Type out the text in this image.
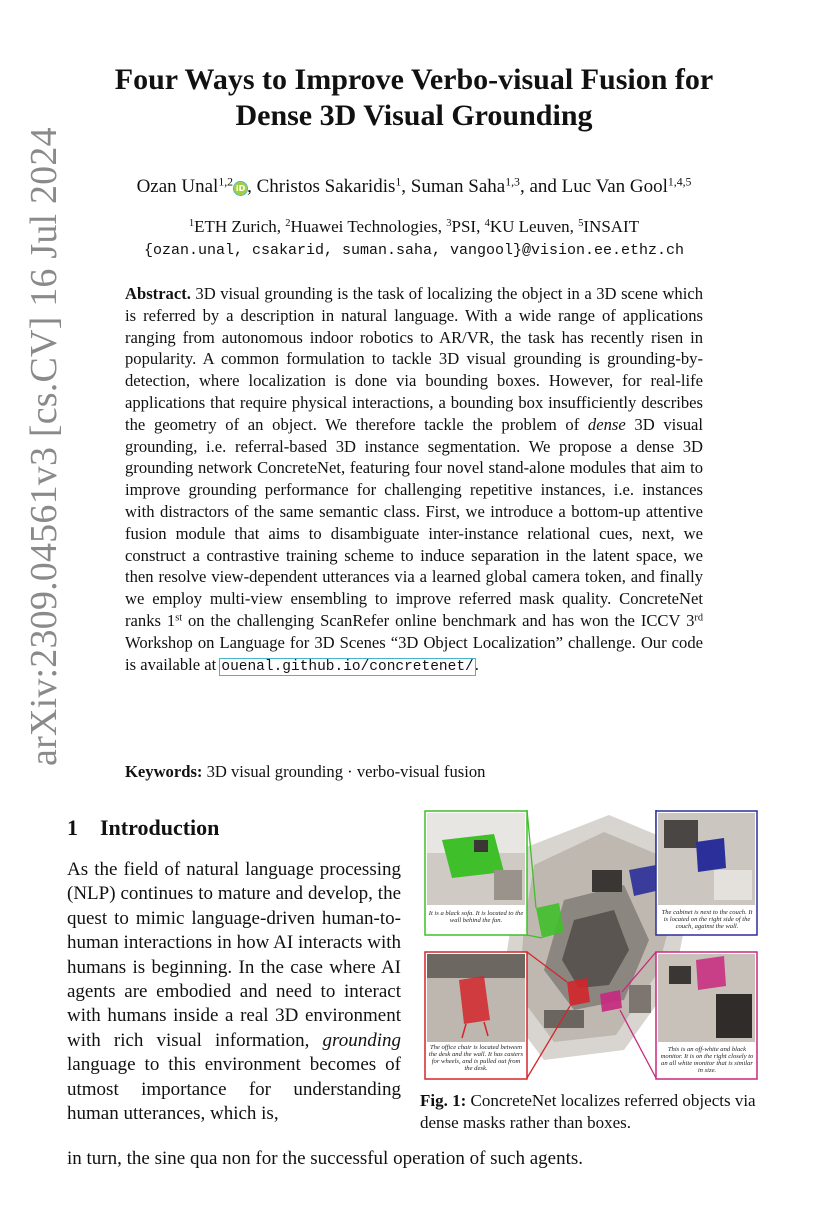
arXiv:2309.04561v3 [cs.CV] 16 Jul 2024
Four Ways to Improve Verbo-visual Fusion for
Dense 3D Visual Grounding
Ozan Unal$^{1,2}$ iD, Christos Sakaridis$^1$, Suman Saha$^{1,3}$, and Luc Van Gool$^{1,4,5}$
$^1$ETH Zurich, $^2$Huawei Technologies, $^3$PSI, $^4$KU Leuven, $^5$INSAIT
{ozan.unal, csakarid, suman.saha, vangool}@vision.ee.ethz.ch
Abstract. 3D visual grounding is the task of localizing the object in a 3D scene which is referred by a description in natural language. With a wide range of applications ranging from autonomous indoor robotics to AR/VR, the task has recently risen in popularity. A common formulation to tackle 3D visual grounding is grounding-by-detection, where localization is done via bounding boxes. However, for real-life applications that require physical interactions, a bounding box insufficiently describes the geometry of an object. We therefore tackle the problem of dense 3D visual grounding, i.e. referral-based 3D instance segmentation. We propose a dense 3D grounding network ConcreteNet, featuring four novel stand-alone modules that aim to improve grounding performance for challenging repetitive instances, i.e. instances with distractors of the same semantic class. First, we introduce a bottom-up attentive fusion module that aims to disambiguate inter-instance relational cues, next, we construct a contrastive training scheme to induce separation in the latent space, we then resolve view-dependent utterances via a learned global camera token, and finally we employ multi-view ensembling to improve referred mask quality. ConcreteNet ranks 1st on the challenging ScanRefer online benchmark and has won the ICCV 3rd Workshop on Language for 3D Scenes “3D Object Localization” challenge. Our code is available at ouenal.github.io/concretenet/.
Keywords: 3D visual grounding · verbo-visual fusion
1 Introduction
As the field of natural language processing (NLP) continues to mature and develop, the quest to mimic language-driven human-to-human interactions in how AI interacts with humans is beginning. In the case where AI agents are embodied and need to interact with humans inside a real 3D environment with rich visual information, grounding language to this environment becomes of utmost importance for understanding human utterances, which is,
in turn, the sine qua non for the successful operation of such agents.
It is a black sofa. It is located to the wall behind the fan.
The cabinet is next to the couch. It is located on the right side of the couch, against the wall.
The office chair is located between the desk and the wall. It has casters for wheels, and is pulled out from the desk.
This is an off-white and black monitor. It is on the right closely to an all white monitor that is similar in size.
Fig. 1: ConcreteNet localizes referred objects via dense masks rather than boxes.
